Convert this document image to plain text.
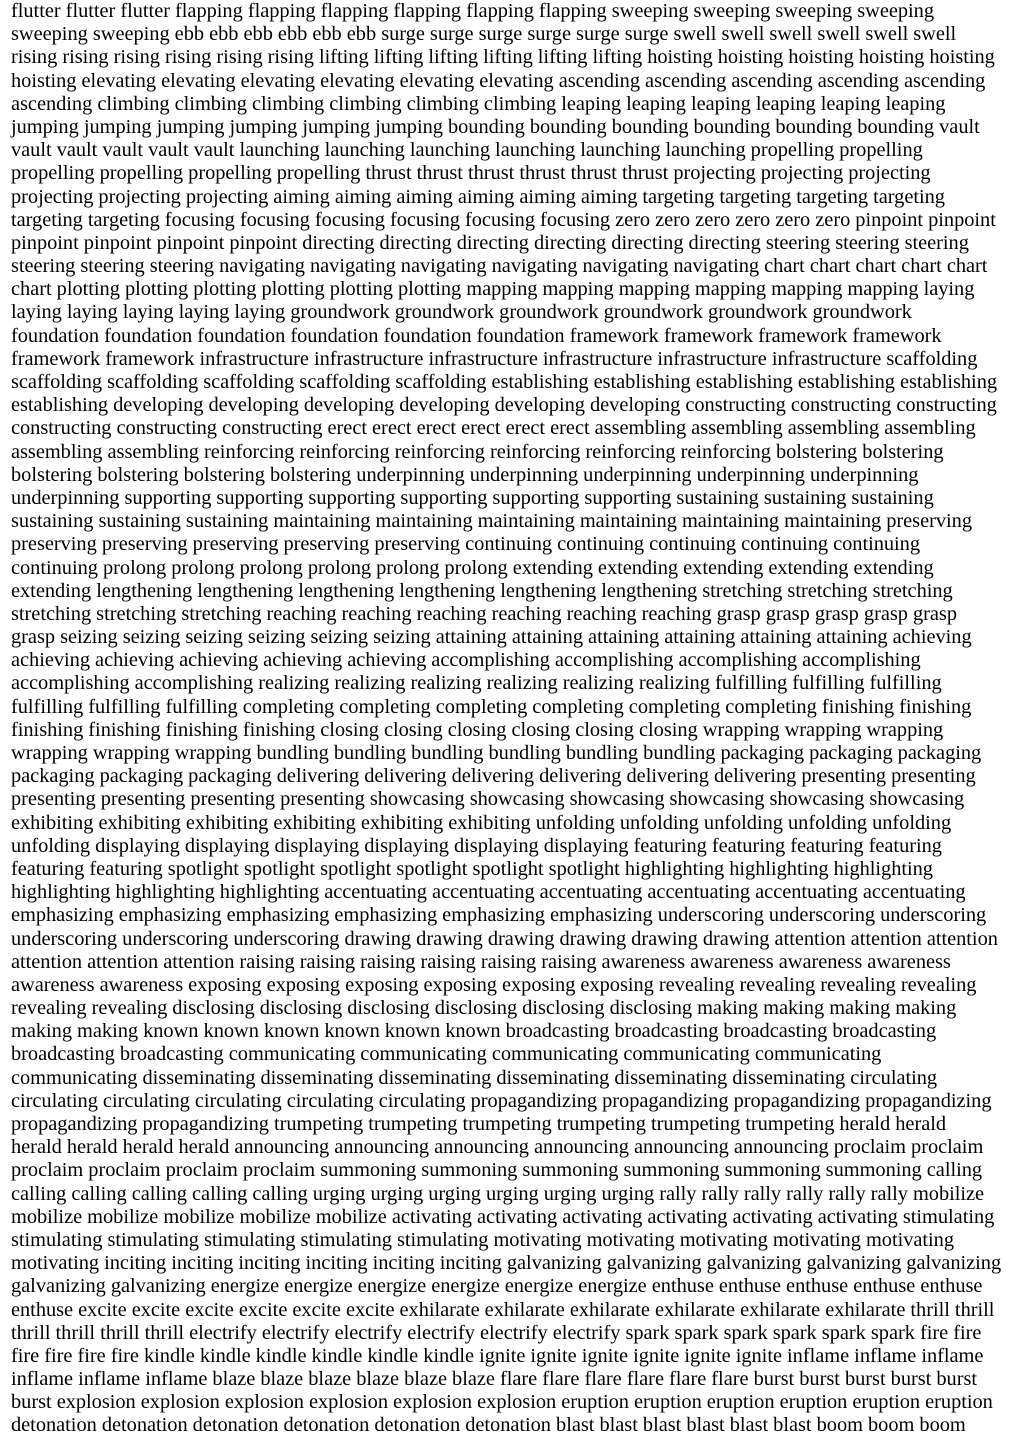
flutter flutter flutter flapping flapping flapping flapping flapping flapping sweeping sweeping sweeping sweeping
sweeping sweeping ebb ebb ebb ebb ebb ebb surge surge surge surge surge surge swell swell swell swell swell swell
rising rising rising rising rising rising lifting lifting lifting lifting lifting lifting hoisting hoisting hoisting hoisting hoisting
hoisting elevating elevating elevating elevating elevating elevating ascending ascending ascending ascending ascending
ascending climbing climbing climbing climbing climbing climbing leaping leaping leaping leaping leaping leaping
jumping jumping jumping jumping jumping jumping bounding bounding bounding bounding bounding bounding vault
vault vault vault vault vault launching launching launching launching launching launching propelling propelling
propelling propelling propelling propelling thrust thrust thrust thrust thrust thrust projecting projecting projecting
projecting projecting projecting aiming aiming aiming aiming aiming aiming targeting targeting targeting targeting
targeting targeting focusing focusing focusing focusing focusing focusing zero zero zero zero zero zero pinpoint pinpoint
pinpoint pinpoint pinpoint pinpoint directing directing directing directing directing directing steering steering steering
steering steering steering navigating navigating navigating navigating navigating navigating chart chart chart chart chart
chart plotting plotting plotting plotting plotting plotting mapping mapping mapping mapping mapping mapping laying
laying laying laying laying laying groundwork groundwork groundwork groundwork groundwork groundwork
foundation foundation foundation foundation foundation foundation framework framework framework framework
framework framework infrastructure infrastructure infrastructure infrastructure infrastructure infrastructure scaffolding
scaffolding scaffolding scaffolding scaffolding scaffolding establishing establishing establishing establishing establishing
establishing developing developing developing developing developing developing constructing constructing constructing
constructing constructing constructing erect erect erect erect erect erect assembling assembling assembling assembling
assembling assembling reinforcing reinforcing reinforcing reinforcing reinforcing reinforcing bolstering bolstering
bolstering bolstering bolstering bolstering underpinning underpinning underpinning underpinning underpinning
underpinning supporting supporting supporting supporting supporting supporting sustaining sustaining sustaining
sustaining sustaining sustaining maintaining maintaining maintaining maintaining maintaining maintaining preserving
preserving preserving preserving preserving preserving continuing continuing continuing continuing continuing
continuing prolong prolong prolong prolong prolong prolong extending extending extending extending extending
extending lengthening lengthening lengthening lengthening lengthening lengthening stretching stretching stretching
stretching stretching stretching reaching reaching reaching reaching reaching reaching grasp grasp grasp grasp grasp
grasp seizing seizing seizing seizing seizing seizing attaining attaining attaining attaining attaining attaining achieving
achieving achieving achieving achieving achieving accomplishing accomplishing accomplishing accomplishing
accomplishing accomplishing realizing realizing realizing realizing realizing realizing fulfilling fulfilling fulfilling
fulfilling fulfilling fulfilling completing completing completing completing completing completing finishing finishing
finishing finishing finishing finishing closing closing closing closing closing closing wrapping wrapping wrapping
wrapping wrapping wrapping bundling bundling bundling bundling bundling bundling packaging packaging packaging
packaging packaging packaging delivering delivering delivering delivering delivering delivering presenting presenting
presenting presenting presenting presenting showcasing showcasing showcasing showcasing showcasing showcasing
exhibiting exhibiting exhibiting exhibiting exhibiting exhibiting unfolding unfolding unfolding unfolding unfolding
unfolding displaying displaying displaying displaying displaying displaying featuring featuring featuring featuring
featuring featuring spotlight spotlight spotlight spotlight spotlight spotlight highlighting highlighting highlighting
highlighting highlighting highlighting accentuating accentuating accentuating accentuating accentuating accentuating
emphasizing emphasizing emphasizing emphasizing emphasizing emphasizing underscoring underscoring underscoring
underscoring underscoring underscoring drawing drawing drawing drawing drawing drawing attention attention attention
attention attention attention raising raising raising raising raising raising awareness awareness awareness awareness
awareness awareness exposing exposing exposing exposing exposing exposing revealing revealing revealing revealing
revealing revealing disclosing disclosing disclosing disclosing disclosing disclosing making making making making
making making known known known known known known broadcasting broadcasting broadcasting broadcasting
broadcasting broadcasting communicating communicating communicating communicating communicating
communicating disseminating disseminating disseminating disseminating disseminating disseminating circulating
circulating circulating circulating circulating circulating propagandizing propagandizing propagandizing propagandizing
propagandizing propagandizing trumpeting trumpeting trumpeting trumpeting trumpeting trumpeting herald herald
herald herald herald herald announcing announcing announcing announcing announcing announcing proclaim proclaim
proclaim proclaim proclaim proclaim summoning summoning summoning summoning summoning summoning calling
calling calling calling calling calling urging urging urging urging urging urging rally rally rally rally rally rally mobilize
mobilize mobilize mobilize mobilize mobilize activating activating activating activating activating activating stimulating
stimulating stimulating stimulating stimulating stimulating motivating motivating motivating motivating motivating
motivating inciting inciting inciting inciting inciting inciting galvanizing galvanizing galvanizing galvanizing galvanizing
galvanizing galvanizing energize energize energize energize energize energize enthuse enthuse enthuse enthuse enthuse
enthuse excite excite excite excite excite excite exhilarate exhilarate exhilarate exhilarate exhilarate exhilarate thrill thrill
thrill thrill thrill thrill electrify electrify electrify electrify electrify electrify spark spark spark spark spark spark fire fire
fire fire fire fire kindle kindle kindle kindle kindle kindle ignite ignite ignite ignite ignite ignite inflame inflame inflame
inflame inflame inflame blaze blaze blaze blaze blaze blaze flare flare flare flare flare flare burst burst burst burst burst
burst explosion explosion explosion explosion explosion explosion eruption eruption eruption eruption eruption eruption
detonation detonation detonation detonation detonation detonation blast blast blast blast blast blast boom boom boom
